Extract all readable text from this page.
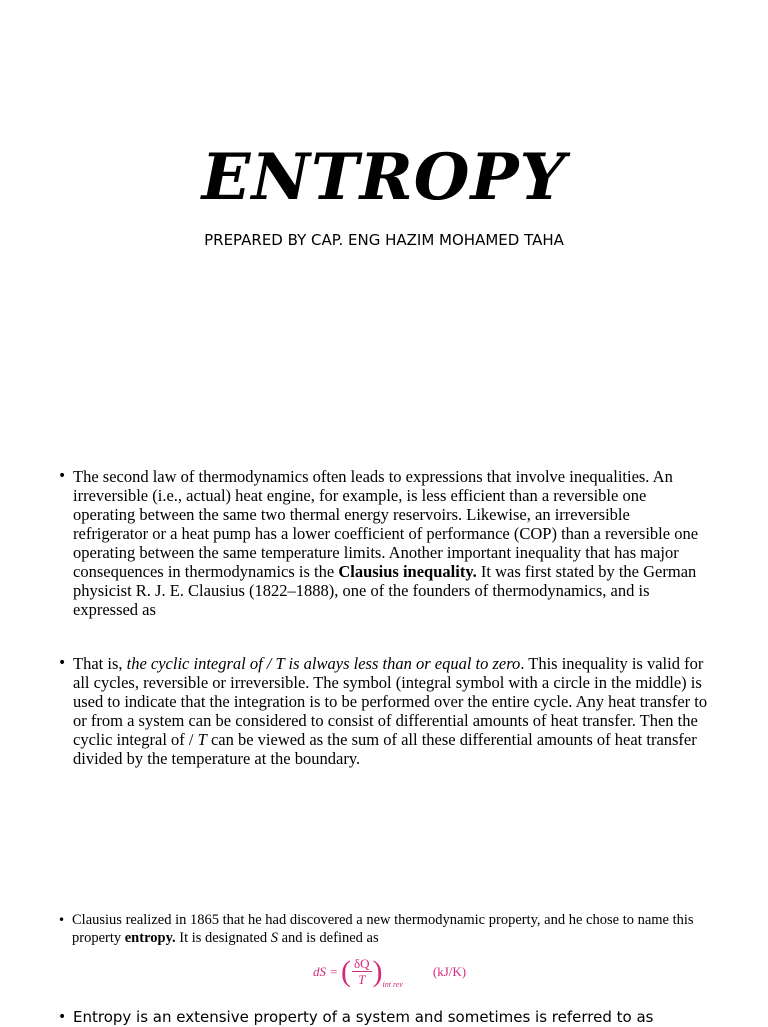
ENTROPY
PREPARED BY CAP. ENG HAZIM MOHAMED TAHA
• The second law of thermodynamics often leads to expressions that involve inequalities. An irreversible (i.e., actual) heat engine, for example, is less efficient than a reversible one operating between the same two thermal energy reservoirs. Likewise, an irreversible refrigerator or a heat pump has a lower coefficient of performance (COP) than a reversible one operating between the same temperature limits. Another important inequality that has major consequences in thermodynamics is the Clausius inequality. It was first stated by the German physicist R. J. E. Clausius (1822–1888), one of the founders of thermodynamics, and is expressed as
• That is, the cyclic integral of / T is always less than or equal to zero. This inequality is valid for all cycles, reversible or irreversible. The symbol (integral symbol with a circle in the middle) is used to indicate that the integration is to be performed over the entire cycle. Any heat transfer to or from a system can be considered to consist of differential amounts of heat transfer. Then the cyclic integral of / T can be viewed as the sum of all these differential amounts of heat transfer divided by the temperature at the boundary.
• Clausius realized in 1865 that he had discovered a new thermodynamic property, and he chose to name this property entropy. It is designated S and is defined as
dS = ( $\frac{\delta Q}{T}$ ) int rev
(kJ/K)
• Entropy is an extensive property of a system and sometimes is referred to as
